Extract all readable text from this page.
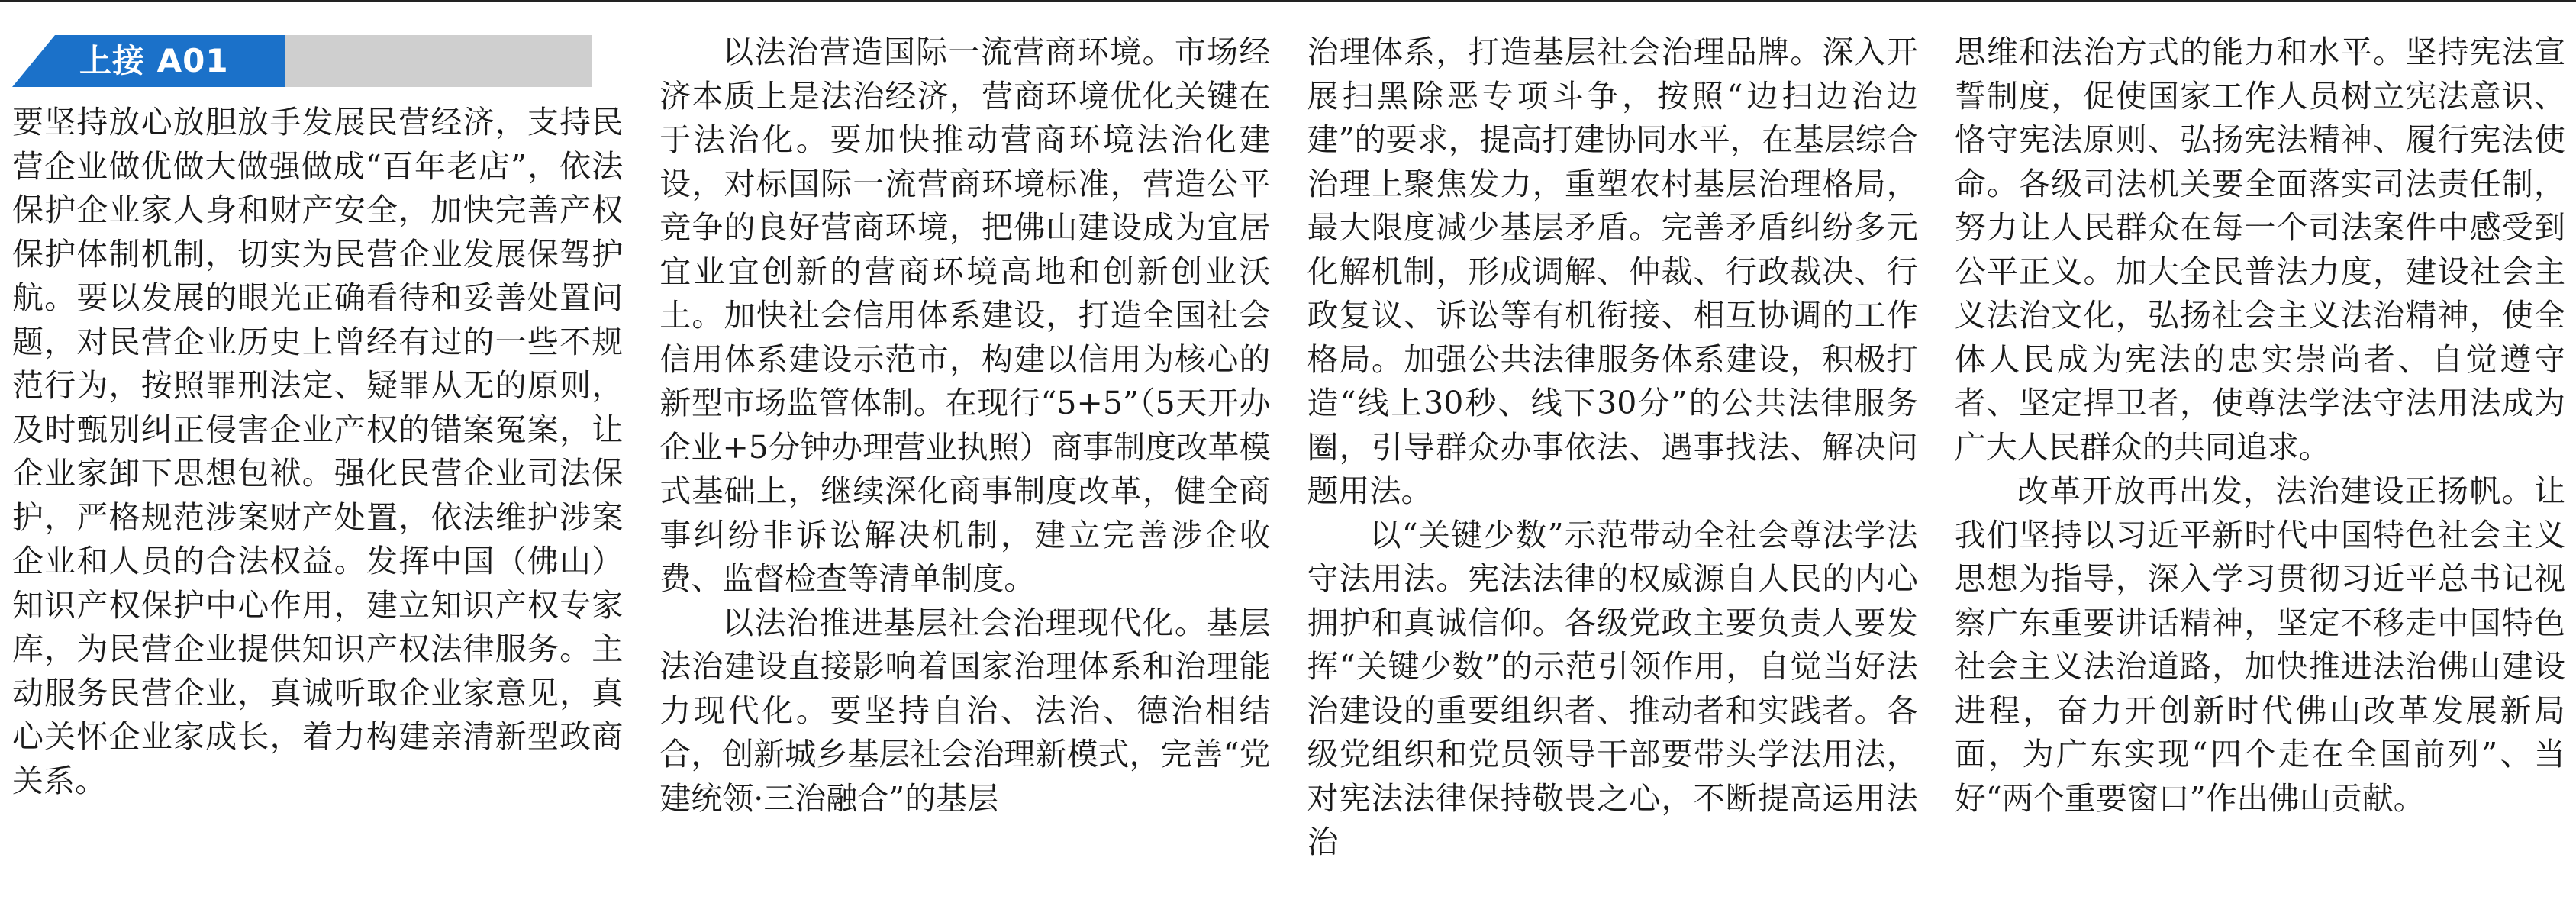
上接 A01

要坚持放心放胆放手发展民营经济，支持民营企业做优做大做强做成“百年老店”，依法保护企业家人身和财产安全，加快完善产权保护体制机制，切实为民营企业发展保驾护航。要以发展的眼光正确看待和妥善处置问题，对民营企业历史上曾经有过的一些不规范行为，按照罪刑法定、疑罪从无的原则，及时甄别纠正侵害企业产权的错案冤案，让企业家卸下思想包袱。强化民营企业司法保护，严格规范涉案财产处置，依法维护涉案企业和人员的合法权益。发挥中国（佛山）知识产权保护中心作用，建立知识产权专家库，为民营企业提供知识产权法律服务。主动服务民营企业，真诚听取企业家意见，真心关怀企业家成长，着力构建亲清新型政商关系。

以法治营造国际一流营商环境。市场经济本质上是法治经济，营商环境优化关键在于法治化。要加快推动营商环境法治化建设，对标国际一流营商环境标准，营造公平竞争的良好营商环境，把佛山建设成为宜居宜业宜创新的营商环境高地和创新创业沃土。加快社会信用体系建设，打造全国社会信用体系建设示范市，构建以信用为核心的新型市场监管体制。在现行“5+5”（5天开办企业+5分钟办理营业执照）商事制度改革模式基础上，继续深化商事制度改革，健全商事纠纷非诉讼解决机制，建立完善涉企收费、监督检查等清单制度。

以法治推进基层社会治理现代化。基层法治建设直接影响着国家治理体系和治理能力现代化。要坚持自治、法治、德治相结合，创新城乡基层社会治理新模式，完善“党建统领·三治融合”的基层

治理体系，打造基层社会治理品牌。深入开展扫黑除恶专项斗争，按照“边扫边治边建”的要求，提高打建协同水平，在基层综合治理上聚焦发力，重塑农村基层治理格局，最大限度减少基层矛盾。完善矛盾纠纷多元化解机制，形成调解、仲裁、行政裁决、行政复议、诉讼等有机衔接、相互协调的工作格局。加强公共法律服务体系建设，积极打造“线上30秒、线下30分”的公共法律服务圈，引导群众办事依法、遇事找法、解决问题用法。

以“关键少数”示范带动全社会尊法学法守法用法。宪法法律的权威源自人民的内心拥护和真诚信仰。各级党政主要负责人要发挥“关键少数”的示范引领作用，自觉当好法治建设的重要组织者、推动者和实践者。各级党组织和党员领导干部要带头学法用法，对宪法法律保持敬畏之心，不断提高运用法治

思维和法治方式的能力和水平。坚持宪法宣誓制度，促使国家工作人员树立宪法意识、恪守宪法原则、弘扬宪法精神、履行宪法使命。各级司法机关要全面落实司法责任制，努力让人民群众在每一个司法案件中感受到公平正义。加大全民普法力度，建设社会主义法治文化，弘扬社会主义法治精神，使全体人民成为宪法的忠实崇尚者、自觉遵守者、坚定捍卫者，使尊法学法守法用法成为广大人民群众的共同追求。

改革开放再出发，法治建设正扬帆。让我们坚持以习近平新时代中国特色社会主义思想为指导，深入学习贯彻习近平总书记视察广东重要讲话精神，坚定不移走中国特色社会主义法治道路，加快推进法治佛山建设进程，奋力开创新时代佛山改革发展新局面，为广东实现“四个走在全国前列”、当好“两个重要窗口”作出佛山贡献。
